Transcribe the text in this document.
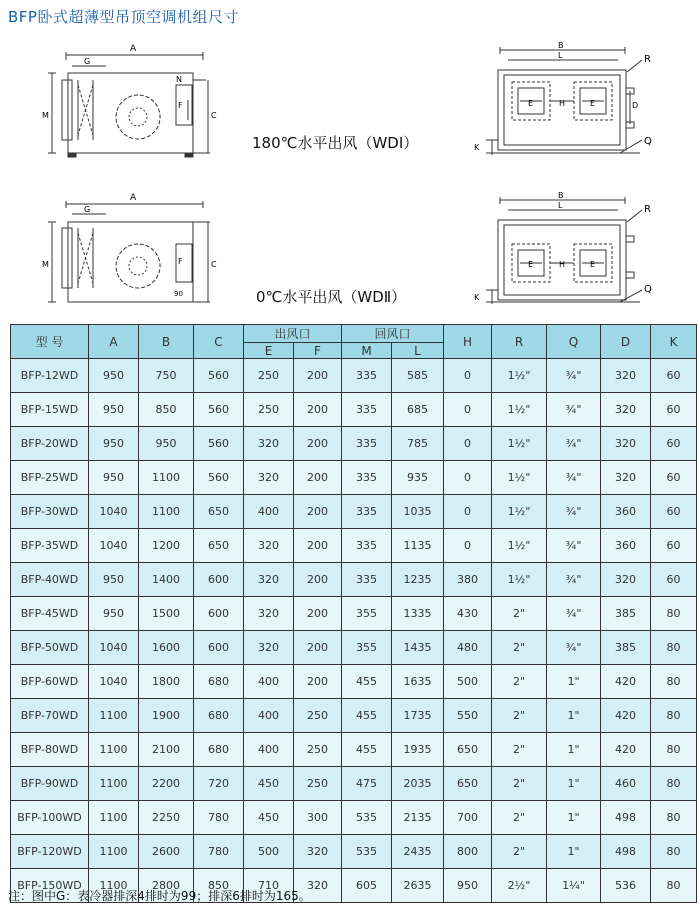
BFP卧式超薄型吊顶空调机组尺寸
A
G
M
N
F
C
B
L
E	H	E	D
R
Q
K
180℃水平出风（WDI）
A
G
M	F	C
90
B
L
E	H	E
R
Q
K
0℃水平出风（WDⅡ）
型 号	A	B	C	出风口		回风口		H	R	Q	D	K
				E	F	M	L					
BFP-12WD	950	750	560	250	200	335	585	0	1½"	¾"	320	60
BFP-15WD	950	850	560	250	200	335	685	0	1½"	¾"	320	60
BFP-20WD	950	950	560	320	200	335	785	0	1½"	¾"	320	60
BFP-25WD	950	1100	560	320	200	335	935	0	1½"	¾"	320	60
BFP-30WD	1040	1100	650	400	200	335	1035	0	1½"	¾"	360	60
BFP-35WD	1040	1200	650	320	200	335	1135	0	1½"	¾"	360	60
BFP-40WD	950	1400	600	320	200	335	1235	380	1½"	¾"	320	60
BFP-45WD	950	1500	600	320	200	355	1335	430	2"	¾"	385	80
BFP-50WD	1040	1600	600	320	200	355	1435	480	2"	¾"	385	80
BFP-60WD	1040	1800	680	400	200	455	1635	500	2"	1"	420	80
BFP-70WD	1100	1900	680	400	250	455	1735	550	2"	1"	420	80
BFP-80WD	1100	2100	680	400	250	455	1935	650	2"	1"	420	80
BFP-90WD	1100	2200	720	450	250	475	2035	650	2"	1"	460	80
BFP-100WD	1100	2250	780	450	300	535	2135	700	2"	1"	498	80
BFP-120WD	1100	2600	780	500	320	535	2435	800	2"	1"	498	80
BFP-150WD	1100	2800	850	710	320	605	2635	950	2½"	1¼"	536	80
注：图中G：表冷器排深4排时为99；排深6排时为165。
